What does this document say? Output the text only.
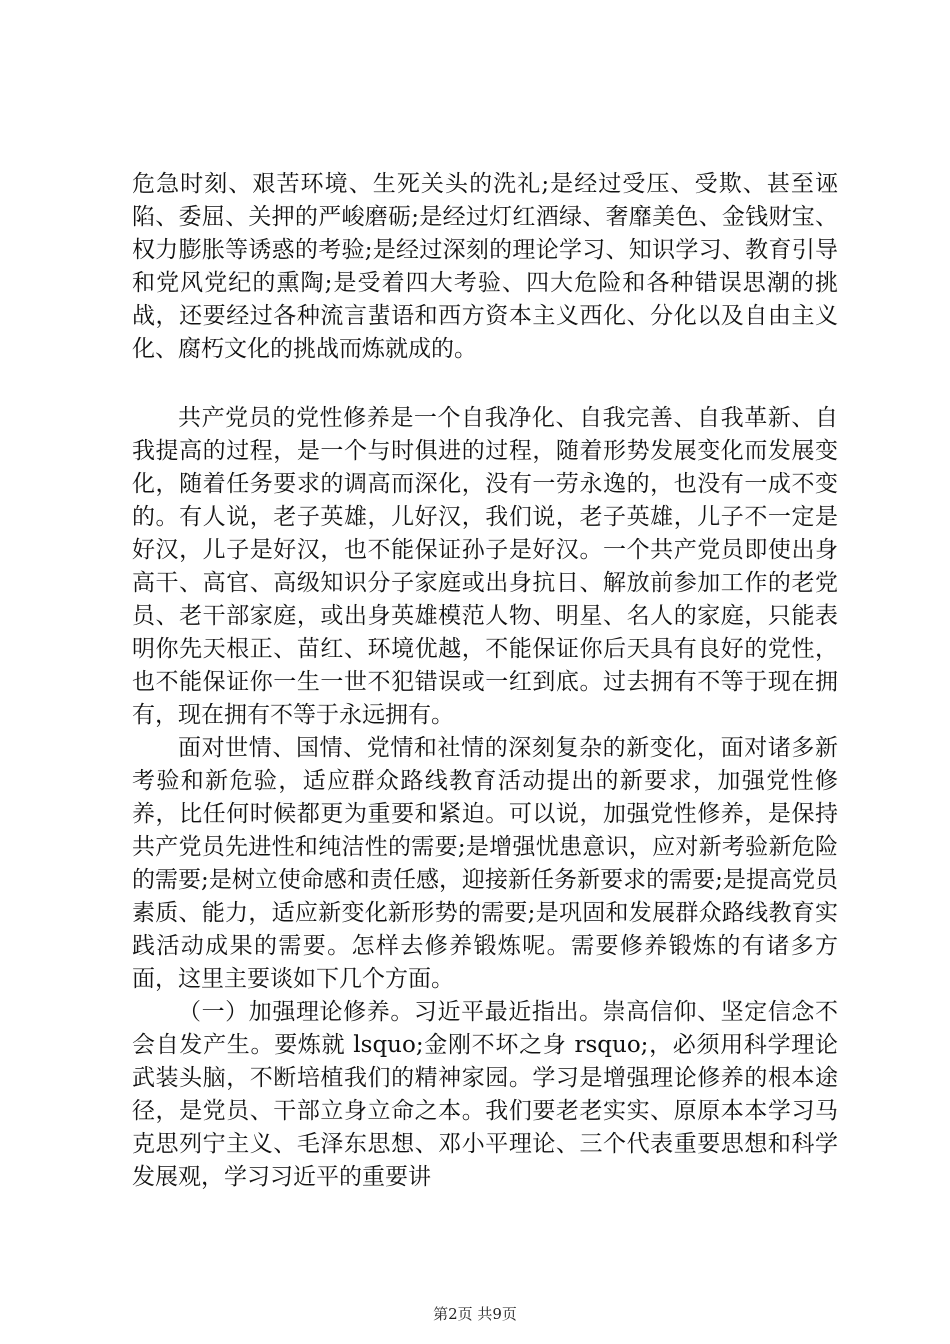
危急时刻、艰苦环境、生死关头的洗礼;是经过受压、受欺、甚至诬陷、委屈、关押的严峻磨砺;是经过灯红酒绿、奢靡美色、金钱财宝、权力膨胀等诱惑的考验;是经过深刻的理论学习、知识学习、教育引导和党风党纪的熏陶;是受着四大考验、四大危险和各种错误思潮的挑战，还要经过各种流言蜚语和西方资本主义西化、分化以及自由主义化、腐朽文化的挑战而炼就成的。

共产党员的党性修养是一个自我净化、自我完善、自我革新、自我提高的过程，是一个与时俱进的过程，随着形势发展变化而发展变化，随着任务要求的调高而深化，没有一劳永逸的，也没有一成不变的。有人说，老子英雄，儿好汉，我们说，老子英雄，儿子不一定是好汉，儿子是好汉，也不能保证孙子是好汉。一个共产党员即使出身高干、高官、高级知识分子家庭或出身抗日、解放前参加工作的老党员、老干部家庭，或出身英雄模范人物、明星、名人的家庭，只能表明你先天根正、苗红、环境优越，不能保证你后天具有良好的党性，也不能保证你一生一世不犯错误或一红到底。过去拥有不等于现在拥有，现在拥有不等于永远拥有。

面对世情、国情、党情和社情的深刻复杂的新变化，面对诸多新考验和新危验，适应群众路线教育活动提出的新要求，加强党性修养，比任何时候都更为重要和紧迫。可以说，加强党性修养，是保持共产党员先进性和纯洁性的需要;是增强忧患意识，应对新考验新危险的需要;是树立使命感和责任感，迎接新任务新要求的需要;是提高党员素质、能力，适应新变化新形势的需要;是巩固和发展群众路线教育实践活动成果的需要。怎样去修养锻炼呢。需要修养锻炼的有诸多方面，这里主要谈如下几个方面。

（一）加强理论修养。习近平最近指出。崇高信仰、坚定信念不会自发产生。要炼就 lsquo;金刚不坏之身 rsquo;，必须用科学理论武装头脑，不断培植我们的精神家园。学习是增强理论修养的根本途径，是党员、干部立身立命之本。我们要老老实实、原原本本学习马克思列宁主义、毛泽东思想、邓小平理论、三个代表重要思想和科学发展观，学习习近平的重要讲

第2页 共9页
